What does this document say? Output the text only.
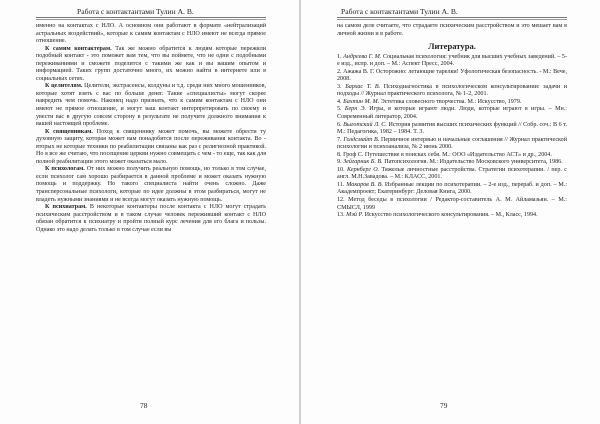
Работа с контактантами Тулин А. В.

именно на контактах с НЛО. А основном они работают в формате «нейтрализаций астральных воздействий», которые к самим контактам с НЛО имеют не всегда прямое отношение.

К самим контактерам. Так же можно обратится к людям которые пережили подобный контакт - это поможет вам тем, что вы поймете, что не одни с подобными переживаниями и сможете поделится с такими же как и вы вашим опытом и информацией. Таких групп достаточно много, их можно найти в интернете или в социальных сетях.

К целителям. Целители, экстрасенсы, колдуны и т.д. среди них много мошенников, которые хотят взять с вас по больше денег. Такие «специалисты» могут скорее навредить чем помочь. Наконец надо признать, что к самим контактам с НЛО они имеют не прямое отношение, и могут ваш контакт интерпретировать по своему и увести вас в другую совсем сторону в результате не получите должного внимания к вашей настоящей проблеме.

К священникам. Поход к священнику может помочь, вы можете обрести ту духовную защиту, которая может вам понадобится после переживания контакта. Во - вторых не которые техники по реабилитации связаны как раз с религиозной практикой. Но я все же считаю, что посещение церкви нужно совмещать с чем - то еще, так как для полной реабилитации этого может оказаться мало.

К психологам. От них можно получить реальную помощь, но только в том случае, если психолог сам хорошо разбирается в данной проблеме и может оказать нужную помощь и поддержку. Но такого специалиста найти очень сложно. Даже трансперсональные психологи, которые по идее должны в этом разбираться, могут не владеть нужными знаниями и не всегда могут оказать нужную помощь.

К психиатрам. В некоторые контактеры после контакта с НЛО могут страдать психическим расстройством и в таком случае человек переживший контакт с НЛО обязан обратится к психиатру и пройти полный курс лечения для его блага и пользы. Однако это надо делать только в том случае если вы

78
Работа с контактантами Тулин А. В.

на самом деле считаете, что страдаете психическим расстройством и это мешает вам в личной жизни и в работе.

Литература.

1. Андреева Г. М. Социальная психология: учебник для высших учебных заведений. – 5-е изд., испр. и доп. – М.: Аспект Пресс, 2004.

2. Ажажа В. Г. Осторожно: летающие тарелки! Уфологическая безопасность. - М.: Вече, 2008.

3. Бархас Т. В. Психодиагностика в психологическом консультировании: задачи и подходы // Журнал практического психолога, № 1-2, 2001.

4. Бахтин М. М. Эстетика словесного творчества. М.: Искусство, 1979.

5. Берн Э. Игры, в которые играют люди. Люди, которые играют в игры. – Мн.: Современный литератор, 2004.

6. Выготский Л. С. История развития высших психических функций // Собр. соч.: В 6 т. М.: Педагогика, 1982 – 1984. Т. 3.

7. Голдсмайт В. Первичное интервью и начальные соглашения // Журнал практической психологии и психоанализа, № 2 июнь 2000.

8. Гроф С. Путешествие в поисках себя. М.: ООО «Издательство АСТ» и др., 2004.

9. Зейгарник Б. В. Патопсихология. М.: Издательство Московского университета, 1986.

10. Кернберг О. Тяжелые личностные расстройства. Стратегии психотерапии. / пер. с англ. М.Н.Завадова. – М.: КЛАСС, 2001.

11. Макаров В. В. Избранные лекции по психотерапии. – 2-е изд., перераб. и доп. – М.: Академпроект; Екатеринбург: Деловая Книга, 2000.

12. Метод беседы в психологии / Редактор-составитель А. М. Айламазьян. – М.: СМЫСЛ, 1999

13. Мэй Р. Искусство психологического консультирования. – М., Класс, 1994.

79
